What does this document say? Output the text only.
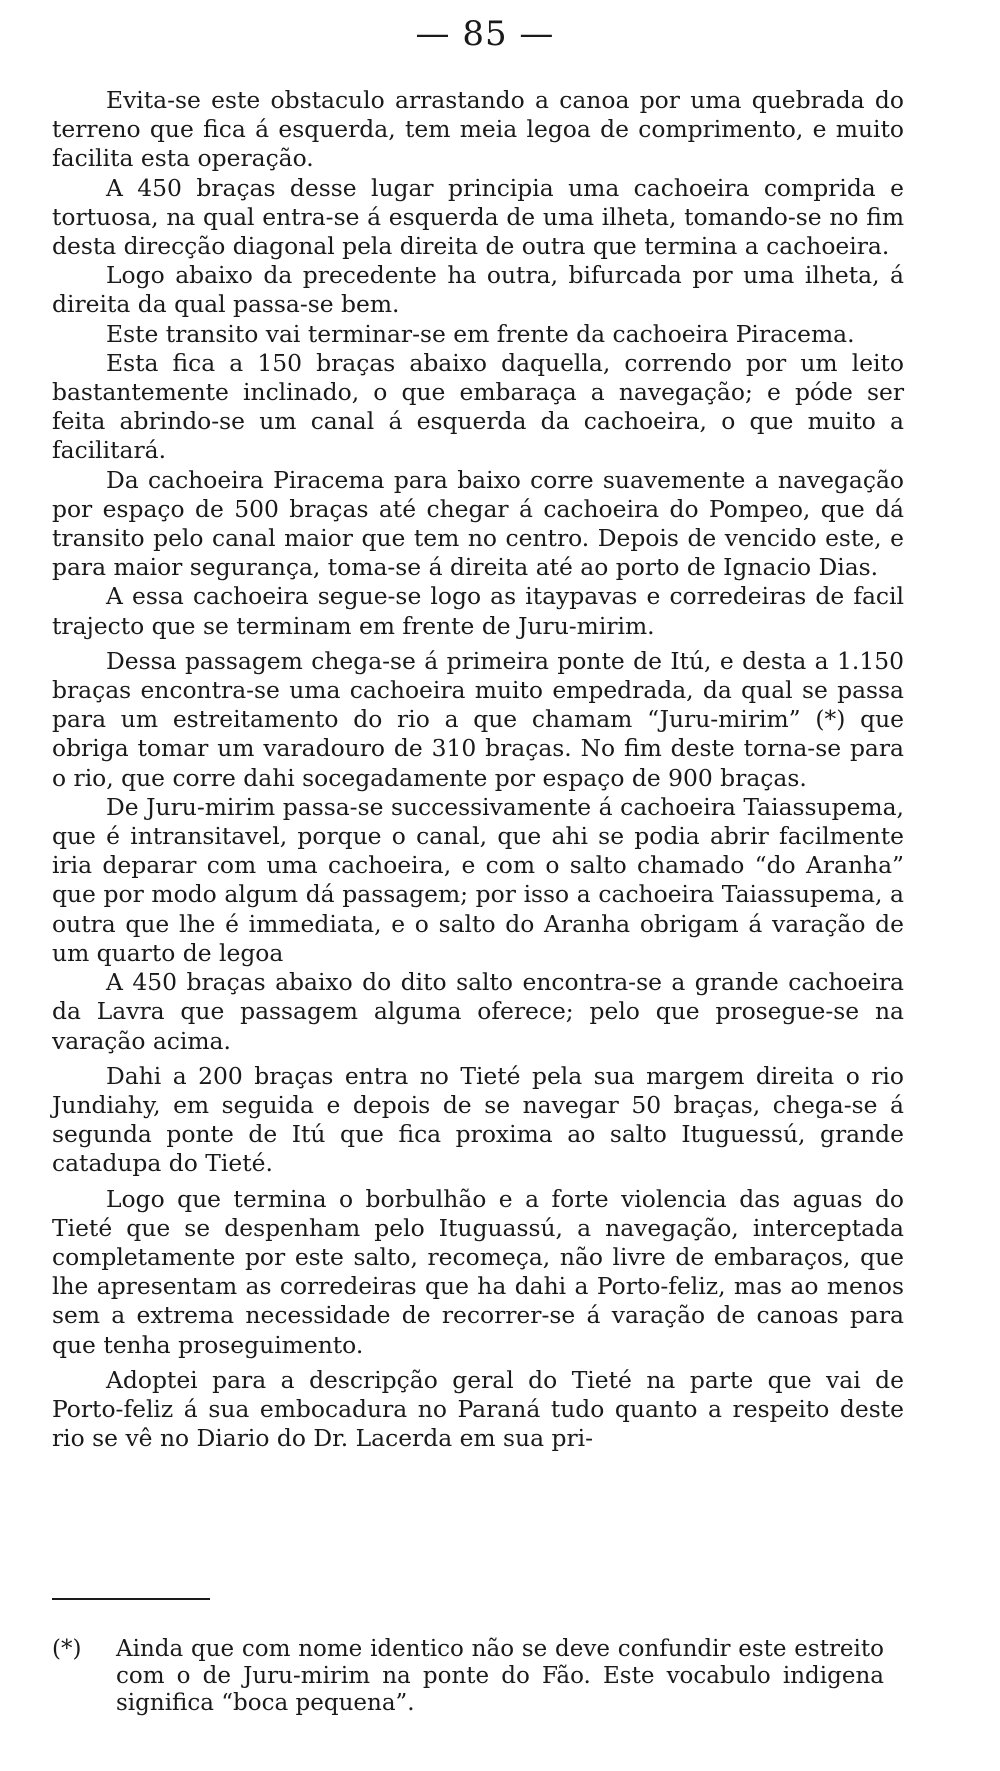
— 85 —

Evita-se este obstaculo arrastando a canoa por uma quebrada do terreno que fica á esquerda, tem meia legoa de comprimento, e muito facilita esta operação.

A 450 braças desse lugar principia uma cachoeira comprida e tortuosa, na qual entra-se á esquerda de uma ilheta, tomando-se no fim desta direcção diagonal pela direita de outra que termina a cachoeira.

Logo abaixo da precedente ha outra, bifurcada por uma ilheta, á direita da qual passa-se bem.

Este transito vai terminar-se em frente da cachoeira Piracema.

Esta fica a 150 braças abaixo daquella, correndo por um leito bastantemente inclinado, o que embaraça a navegação; e póde ser feita abrindo-se um canal á esquerda da cachoeira, o que muito a facilitará.

Da cachoeira Piracema para baixo corre suavemente a navegação por espaço de 500 braças até chegar á cachoeira do Pompeo, que dá transito pelo canal maior que tem no centro. Depois de vencido este, e para maior segurança, toma-se á direita até ao porto de Ignacio Dias.

A essa cachoeira segue-se logo as itaypavas e corredeiras de facil trajecto que se terminam em frente de Juru-mirim.

Dessa passagem chega-se á primeira ponte de Itú, e desta a 1.150 braças encontra-se uma cachoeira muito empedrada, da qual se passa para um estreitamento do rio a que chamam “Juru-mirim” (*) que obriga tomar um varadouro de 310 braças. No fim deste torna-se para o rio, que corre dahi socegadamente por espaço de 900 braças.

De Juru-mirim passa-se successivamente á cachoeira Taiassupema, que é intransitavel, porque o canal, que ahi se podia abrir facilmente iria deparar com uma cachoeira, e com o salto chamado “do Aranha” que por modo algum dá passagem; por isso a cachoeira Taiassupema, a outra que lhe é immediata, e o salto do Aranha obrigam á varação de um quarto de legoa

A 450 braças abaixo do dito salto encontra-se a grande cachoeira da Lavra que passagem alguma oferece; pelo que prosegue-se na varação acima.

Dahi a 200 braças entra no Tieté pela sua margem direita o rio Jundiahy, em seguida e depois de se navegar 50 braças, chega-se á segunda ponte de Itú que fica proxima ao salto Ituguessú, grande catadupa do Tieté.

Logo que termina o borbulhão e a forte violencia das aguas do Tieté que se despenham pelo Ituguassú, a navegação, interceptada completamente por este salto, recomeça, não livre de embaraços, que lhe apresentam as corredeiras que ha dahi a Porto-feliz, mas ao menos sem a extrema necessidade de recorrer-se á varação de canoas para que tenha proseguimento.

Adoptei para a descripção geral do Tieté na parte que vai de Porto-feliz á sua embocadura no Paraná tudo quanto a respeito deste rio se vê no Diario do Dr. Lacerda em sua pri-

(*)	Ainda que com nome identico não se deve confundir este estreito com o de Juru-mirim na ponte do Fão. Este vocabulo indigena significa “boca pequena”.
